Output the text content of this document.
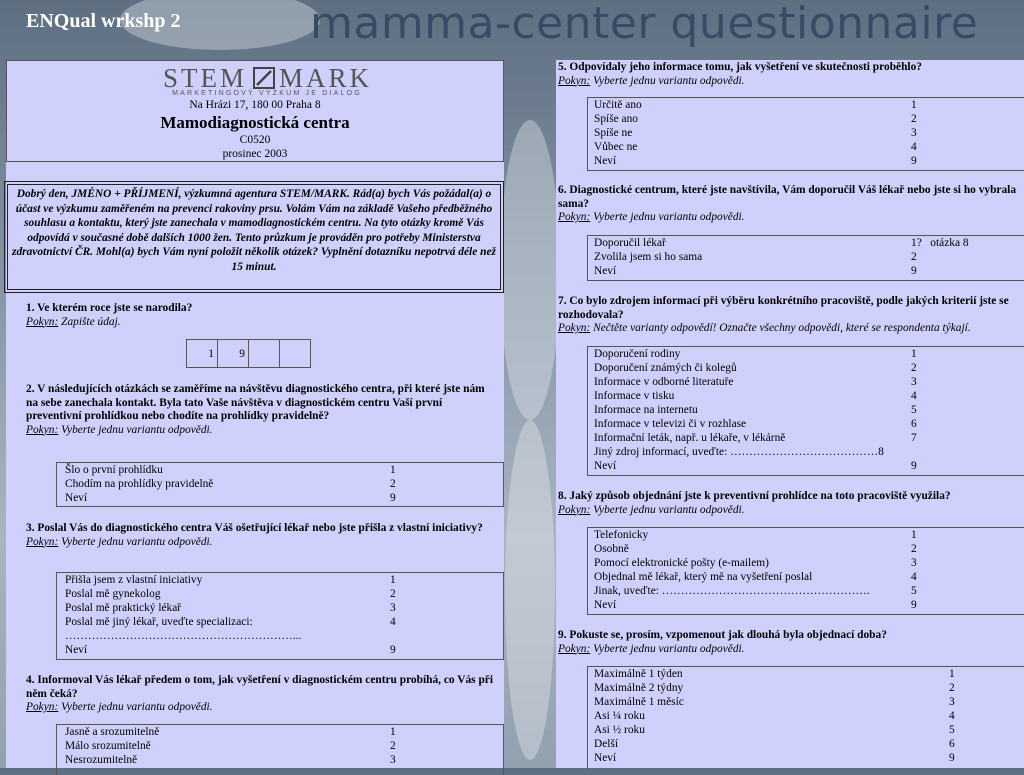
ENQual wrkshp 2	mamma-center questionnaire
STEM MARK
MARKETINGOVÝ VÝZKUM JE DIALOG
Na Hrázi 17, 180 00 Praha 8
Mamodiagnostická centra
C0520
prosinec 2003
Dobrý den, JMÉNO + PŘÍJMENÍ, výzkumná agentura STEM/MARK. Rád(a) bych Vás požádal(a) o účast ve výzkumu zaměřeném na prevenci rakoviny prsu. Volám Vám na základě Vašeho předběžného souhlasu a kontaktu, který jste zanechala v mamodiagnostickém centru. Na tyto otázky kromě Vás odpovídá v současné době dalších 1000 žen. Tento průzkum je prováděn pro potřeby Ministerstva zdravotnictví ČR. Mohl(a) bych Vám nyní položit několik otázek? Vyplnění dotazníku nepotrvá déle než 15 minut.
1. Ve kterém roce jste se narodila?
Pokyn: Zapište údaj.
1	9
2. V následujících otázkách se zaměříme na návštěvu diagnostického centra, při které jste nám na sebe zanechala kontakt. Byla tato Vaše návštěva v diagnostickém centru Vaší první preventivní prohlídkou nebo chodíte na prohlídky pravidelně?
Pokyn: Vyberte jednu variantu odpovědi.
Šlo o první prohlídku	1
Chodím na prohlídky pravidelně	2
Neví	9
3. Poslal Vás do diagnostického centra Váš ošetřující lékař nebo jste přišla z vlastní iniciativy?
Pokyn: Vyberte jednu variantu odpovědi.
Přišla jsem z vlastní iniciativy	1
Poslal mě gynekolog	2
Poslal mě praktický lékař	3
Poslal mě jiný lékař, uveďte specializaci:	4
……………………………………………………...
Neví	9
4. Informoval Vás lékař předem o tom, jak vyšetření v diagnostickém centru probíhá, co Vás při něm čeká?
Pokyn: Vyberte jednu variantu odpovědi.
Jasně a srozumitelně	1
Málo srozumitelně	2
Nesrozumitelně	3
5. Odpovídaly jeho informace tomu, jak vyšetření ve skutečnosti proběhlo?
Pokyn: Vyberte jednu variantu odpovědi.
Určitě ano	1
Spíše ano	2
Spíše ne	3
Vůbec ne	4
Neví	9
6. Diagnostické centrum, které jste navštívila, Vám doporučil Váš lékař nebo jste si ho vybrala sama?
Pokyn: Vyberte jednu variantu odpovědi.
Doporučil lékař	1?   otázka 8
Zvolila jsem si ho sama	2
Neví	9
7. Co bylo zdrojem informací při výběru konkrétního pracoviště, podle jakých kriterií jste se rozhodovala?
Pokyn: Nečtěte varianty odpovědí! Označte všechny odpovědi, které se respondenta týkají.
Doporučení rodiny	1
Doporučení známých či kolegů	2
Informace v odborné literatuře	3
Informace v tisku	4
Informace na internetu	5
Informace v televizi či v rozhlase	6
Informační leták, např. u lékaře, v lékárně	7
Jiný zdroj informací, uveďte: …………………………………8
Neví	9
8. Jaký způsob objednání jste k preventivní prohlídce na toto pracoviště využila?
Pokyn: Vyberte jednu variantu odpovědi.
Telefonicky	1
Osobně	2
Pomocí elektronické pošty (e-mailem)	3
Objednal mě lékař, který mě na vyšetření poslal	4
Jinak, uveďte: ……………………………………………….	5
Neví	9
9. Pokuste se, prosím, vzpomenout jak dlouhá byla objednací doba?
Pokyn: Vyberte jednu variantu odpovědi.
Maximálně 1 týden	1
Maximálně 2 týdny	2
Maximálně 1 měsíc	3
Asi ¼ roku	4
Asi ½ roku	5
Delší	6
Neví	9
